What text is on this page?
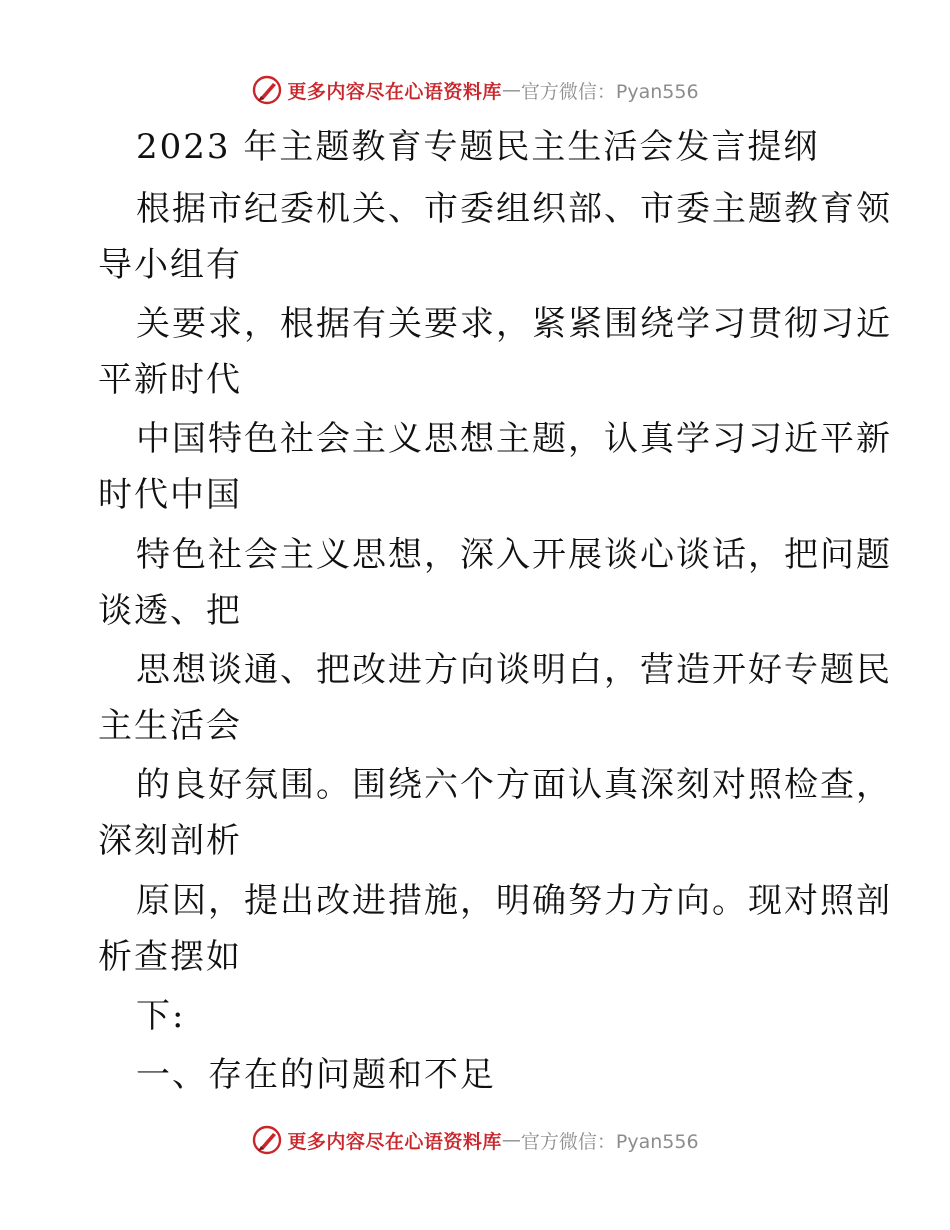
更多内容尽在心语资料库 — 官方微信：Pyan556
2023 年主题教育专题民主生活会发言提纲
根据市纪委机关、市委组织部、市委主题教育领
导小组有
关要求，根据有关要求，紧紧围绕学习贯彻习近
平新时代
中国特色社会主义思想主题，认真学习习近平新
时代中国
特色社会主义思想，深入开展谈心谈话，把问题
谈透、把
思想谈通、把改进方向谈明白，营造开好专题民
主生活会
的良好氛围。围绕六个方面认真深刻对照检查，
深刻剖析
原因，提出改进措施，明确努力方向。现对照剖
析查摆如
下:
一、存在的问题和不足
更多内容尽在心语资料库 — 官方微信：Pyan556
